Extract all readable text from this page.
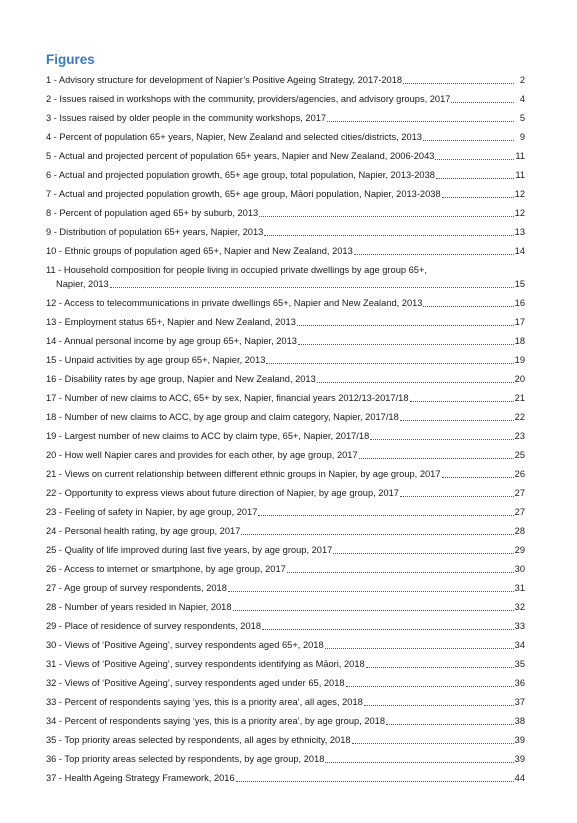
Figures
1 - Advisory structure for development of Napier’s Positive Ageing Strategy, 2017-2018	2
2 - Issues raised in workshops with the community, providers/agencies, and advisory groups, 2017	4
3 - Issues raised by older people in the community workshops, 2017	5
4 - Percent of population 65+ years, Napier, New Zealand and selected cities/districts, 2013	9
5 - Actual and projected percent of population 65+ years, Napier and New Zealand, 2006-2043	11
6 - Actual and projected population growth, 65+ age group, total population, Napier, 2013-2038	11
7 - Actual and projected population growth, 65+ age group, Māori population, Napier, 2013-2038	12
8 - Percent of population aged 65+ by suburb, 2013	12
9 - Distribution of population 65+ years, Napier, 2013	13
10 - Ethnic groups of population aged 65+, Napier and New Zealand, 2013	14
11 - Household composition for people living in occupied private dwellings by age group 65+,
Napier, 2013	15
12 - Access to telecommunications in private dwellings 65+, Napier and New Zealand, 2013	16
13 - Employment status 65+, Napier and New Zealand, 2013	17
14 - Annual personal income by age group 65+, Napier, 2013	18
15 - Unpaid activities by age group 65+, Napier, 2013	19
16 - Disability rates by age group, Napier and New Zealand, 2013	20
17 - Number of new claims to ACC, 65+ by sex, Napier, financial years 2012/13-2017/18	21
18 - Number of new claims to ACC, by age group and claim category, Napier, 2017/18	22
19 - Largest number of new claims to ACC by claim type, 65+, Napier, 2017/18	23
20 - How well Napier cares and provides for each other, by age group, 2017	25
21 - Views on current relationship between different ethnic groups in Napier, by age group, 2017	26
22 - Opportunity to express views about future direction of Napier, by age group, 2017	27
23 - Feeling of safety in Napier, by age group, 2017	27
24 - Personal health rating, by age group, 2017	28
25 - Quality of life improved during last five years, by age group, 2017	29
26 - Access to internet or smartphone, by age group, 2017	30
27 - Age group of survey respondents, 2018	31
28 - Number of years resided in Napier, 2018	32
29 - Place of residence of survey respondents, 2018	33
30 - Views of ‘Positive Ageing’, survey respondents aged 65+, 2018	34
31 - Views of ‘Positive Ageing’, survey respondents identifying as Māori, 2018	35
32 - Views of ‘Positive Ageing’, survey respondents aged under 65, 2018	36
33 - Percent of respondents saying ‘yes, this is a priority area’, all ages, 2018	37
34 - Percent of respondents saying ‘yes, this is a priority area’, by age group, 2018	38
35 - Top priority areas selected by respondents, all ages by ethnicity, 2018	39
36 - Top priority areas selected by respondents, by age group, 2018	39
37 - Health Ageing Strategy Framework, 2016	44
